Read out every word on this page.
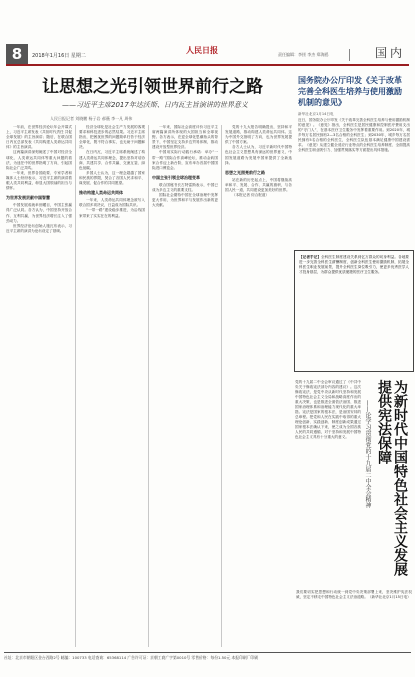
8	2018年1月16日 星期二
人民日报	责任编辑：李拯 李杰 郑海鸥	国内
让思想之光引领世界前行之路
——习近平主席2017年达沃斯、日内瓦主旨演讲的世界意义
人民日报记者 刘晓鹏 杨子岩 郝薇 李一凡 周伟

一年前，在世界经济论坛年会开幕式上，习近平主席发表《共担时代责任 共促全球发展》的主旨演讲；随后，在联合国日内瓦总部发表《共同构建人类命运共同体》的主旨演讲。

这两篇演讲深刻阐述了中国对经济全球化、人类命运共同体等重大问题的看法，为迷茫中的世界指明了方向，引起国际社会广泛共鸣。

一年来，世界各国政要、专家学者和媒体人士纷纷表示，习近平主席的演讲着眼人类共同利益，彰显大国领袖的担当与情怀。

为世界发展贡献中国智慧

中国发展成就举世瞩目，中国主张赢得广泛认同。各方认为，中国坚持开放合作、互利共赢，为世界经济增长注入了强劲动力。

世界经济论坛创始人施瓦布表示，习近平主席的演讲为论坛设定了基调。

经济全球化是社会生产力发展的客观要求和科技进步的必然结果。习近平主席指出，把困扰世界的问题简单归咎于经济全球化，既不符合事实，也无助于问题解决。

在日内瓦，习近平主席系统阐述了构建人类命运共同体理念，提出坚持对话协商、共建共享、合作共赢、交流互鉴、绿色低碳。

多国人士认为，这一理念超越了国家和民族的界限，契合了各国人民求和平、谋发展、促合作的共同愿望。

推动构建人类命运共同体

一年来，人类命运共同体理念被写入联合国多项决议，日益成为国际共识。

“一带一路”建设稳步推进，为沿线国家带来了实实在在的利益。

一年来，国际社会高度评价习近平主席两篇演讲所体现的大国担当和全球视野。各方表示，在逆全球化思潮抬头的背景下，中国坚定支持多边贸易体制，推动建设开放型世界经济。

中国用实际行动践行承诺：举办“一带一路”国际合作高峰论坛，推动金砖国家合作迈上新台阶，宣布举办首届中国国际进口博览会。

中国主张引领全球治理变革

联合国秘书长古特雷斯表示，中国已成为多边主义的重要支柱。

国际社会期待中国在全球治理中发挥更大作用，为世界和平与发展作出新的更大贡献。

党的十九大报告明确提出，坚持和平发展道路，推动构建人类命运共同体。这为中国外交指明了方向，也为世界发展提供了中国方案。

各方人士认为，习近平新时代中国特色社会主义思想具有深远的世界意义，中国发展道路为发展中国家提供了全新选择。

思想之光照亮前行之路

站在新的历史起点上，中国将继续高举和平、发展、合作、共赢的旗帜，与各国人民一道，共同建设更加美好的世界。

（本报记者 综合报道）

国务院办公厅印发《关于改革完善全科医生培养与使用激励机制的意见》
新华社北京1月14日电
近日，国务院办公厅印发《关于改革完善全科医生培养与使用激励机制的意见》。《意见》指出，全科医生是居民健康和控制医疗费用支出的“守门人”，在基本医疗卫生服务中发挥着重要作用。到2020年，城乡每万名居民拥有2—3名合格的全科医生；到2030年，城乡每万名居民拥有5名合格的全科医生，全科医生队伍基本满足健康中国建设需求。《意见》从建立健全适应行业特点的全科医生培养制度、全面提高全科医生职业吸引力、加强贯彻落实等方面提出具体措施。
【记者手记】全科医生制度建设关系到亿万群众的切身利益。各地要进一步完善全科医生薪酬制度，创新全科医生使用激励机制，拓展全科医生职业发展前景，提升全科医生岗位吸引力，使更多优秀医学人才投身基层，为群众提供优质便捷的医疗卫生服务。
党的十九届二中全会审议通过了《中共中央关于修改宪法部分内容的建议》。这次修改宪法，是党中央从新时代坚持和发展中国特色社会主义全局和战略高度作出的重大决策，也是推进全面依法治国、推进国家治理体系和治理能力现代化的重大举措。宪法是国家的根本法，是治国安邦的总章程。把党和人民在实践中取得的重大理论创新、实践创新、制度创新成果通过国家根本法确认下来，使之成为全国各族人民的共同遵循，对于坚持和发展中国特色社会主义具有十分重大的意义。	——论学习贯彻党的十九届二中全会精神	为新时代中国特色社会主义发展提供宪法保障
我们要切实把思想和行动统一到党中央决策部署上来，坚决维护宪法权威，坚定不移走中国特色社会主义法治道路。（新华社北京1月15日电）
社址：北京市朝阳区金台西路2号 邮编：100733 电话查询：65368114 广告许可证：京朝工商广字第0010号 零售价格：每份1.50元 本报印刷厂印刷
